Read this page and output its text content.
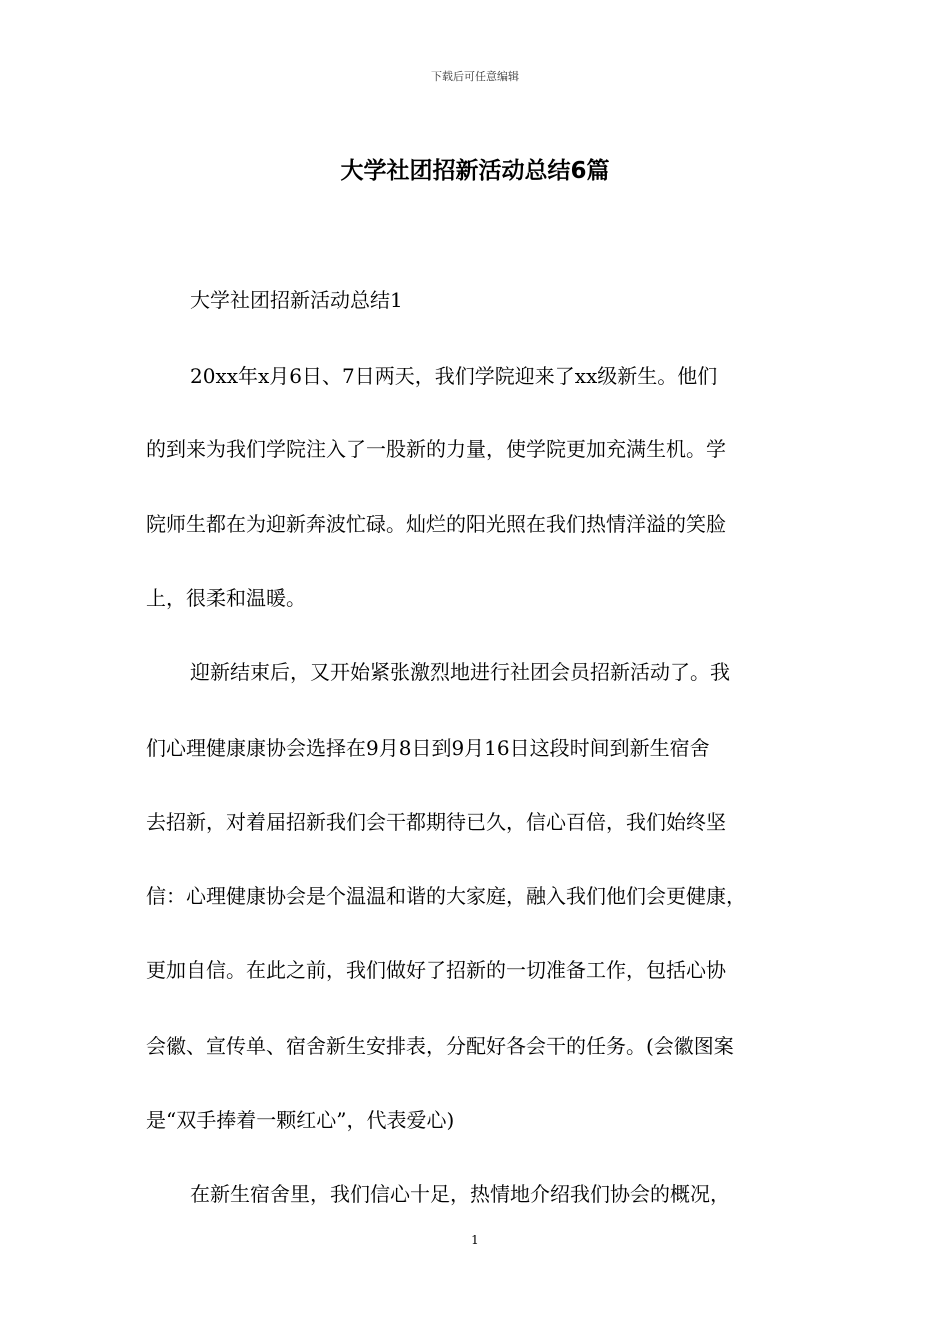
下载后可任意编辑
大学社团招新活动总结6篇
大学社团招新活动总结1
20xx年x月6日、7日两天，我们学院迎来了xx级新生。他们
的到来为我们学院注入了一股新的力量，使学院更加充满生机。学
院师生都在为迎新奔波忙碌。灿烂的阳光照在我们热情洋溢的笑脸
上，很柔和温暖。
迎新结束后，又开始紧张激烈地进行社团会员招新活动了。我
们心理健康康协会选择在9月8日到9月16日这段时间到新生宿舍
去招新，对着届招新我们会干都期待已久，信心百倍，我们始终坚
信：心理健康协会是个温温和谐的大家庭，融入我们他们会更健康，
更加自信。在此之前，我们做好了招新的一切准备工作，包括心协
会徽、宣传单、宿舍新生安排表，分配好各会干的任务。(会徽图案
是“双手捧着一颗红心”，代表爱心)
在新生宿舍里，我们信心十足，热情地介绍我们协会的概况，
1
